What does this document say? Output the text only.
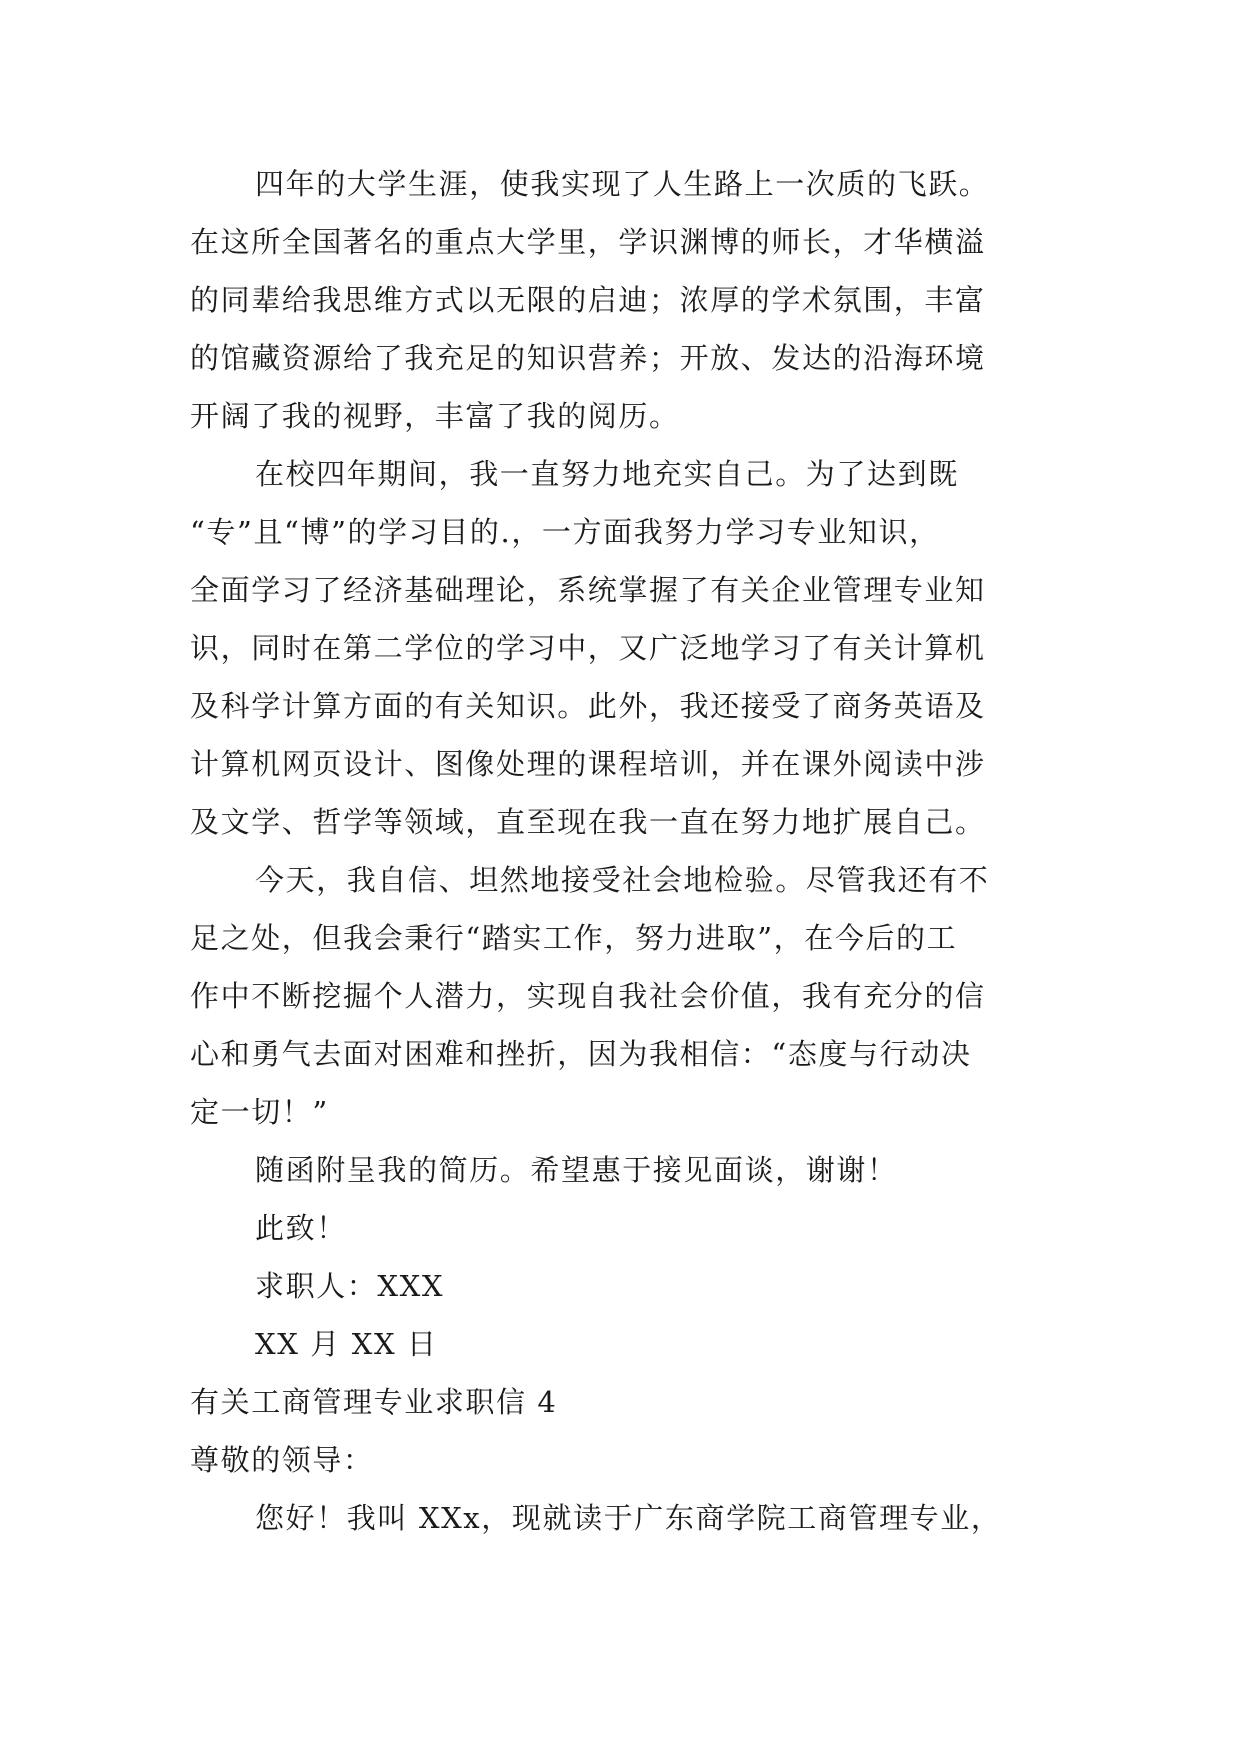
四年的大学生涯，使我实现了人生路上一次质的飞跃。
在这所全国著名的重点大学里，学识渊博的师长，才华横溢
的同辈给我思维方式以无限的启迪；浓厚的学术氛围，丰富
的馆藏资源给了我充足的知识营养；开放、发达的沿海环境
开阔了我的视野，丰富了我的阅历。
在校四年期间，我一直努力地充实自己。为了达到既
“专”且“博”的学习目的.，一方面我努力学习专业知识，
全面学习了经济基础理论，系统掌握了有关企业管理专业知
识，同时在第二学位的学习中，又广泛地学习了有关计算机
及科学计算方面的有关知识。此外，我还接受了商务英语及
计算机网页设计、图像处理的课程培训，并在课外阅读中涉
及文学、哲学等领域，直至现在我一直在努力地扩展自己。
今天，我自信、坦然地接受社会地检验。尽管我还有不
足之处，但我会秉行“踏实工作，努力进取”，在今后的工
作中不断挖掘个人潜力，实现自我社会价值，我有充分的信
心和勇气去面对困难和挫折，因为我相信：“态度与行动决
定一切！”
随函附呈我的简历。希望惠于接见面谈，谢谢！
此致！
求职人：XXX
XX 月 XX 日
有关工商管理专业求职信 4
尊敬的领导：
您好！我叫 XXx，现就读于广东商学院工商管理专业，
